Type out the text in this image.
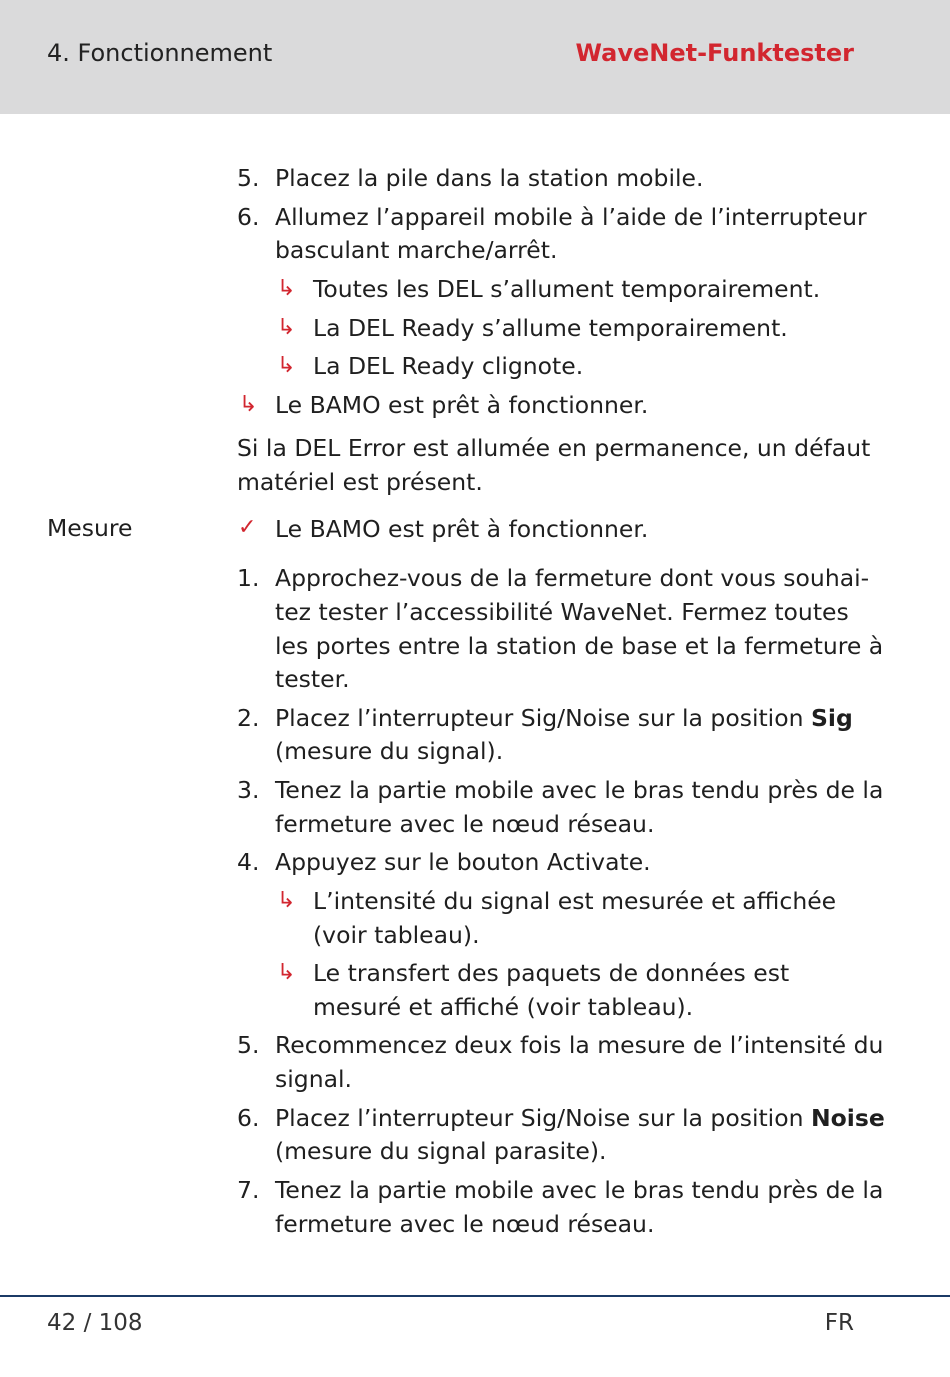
4. Fonctionnement	WaveNet-Funktester
5. Placez la pile dans la station mobile.
6. Allumez l’appareil mobile à l’aide de l’interrupteur
basculant marche/arrêt.
↳ Toutes les DEL s’allument temporairement.
↳ La DEL Ready s’allume temporairement.
↳ La DEL Ready clignote.
↳ Le BAMO est prêt à fonctionner.
Si la DEL Error est allumée en permanence, un défaut
matériel est présent.
Mesure	✓ Le BAMO est prêt à fonctionner.
1. Approchez-vous de la fermeture dont vous souhai-
tez tester l’accessibilité WaveNet. Fermez toutes
les portes entre la station de base et la fermeture à
tester.
2. Placez l’interrupteur Sig/Noise sur la position Sig
(mesure du signal).
3. Tenez la partie mobile avec le bras tendu près de la
fermeture avec le nœud réseau.
4. Appuyez sur le bouton Activate.
↳ L’intensité du signal est mesurée et affichée
(voir tableau).
↳ Le transfert des paquets de données est
mesuré et affiché (voir tableau).
5. Recommencez deux fois la mesure de l’intensité du
signal.
6. Placez l’interrupteur Sig/Noise sur la position Noise
(mesure du signal parasite).
7. Tenez la partie mobile avec le bras tendu près de la
fermeture avec le nœud réseau.
42 / 108	FR
